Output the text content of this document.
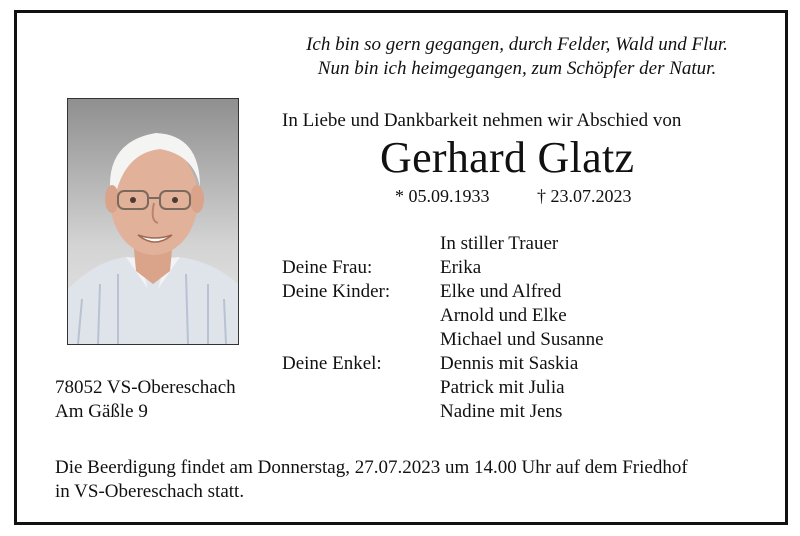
Ich bin so gern gegangen, durch Felder, Wald und Flur.
Nun bin ich heimgegangen, zum Schöpfer der Natur.
In Liebe und Dankbarkeit nehmen wir Abschied von
Gerhard Glatz
* 05.09.1933	† 23.07.2023
In stiller Trauer
Deine Frau:	Erika
Deine Kinder:	Elke und Alfred
Arnold und Elke
Michael und Susanne
Deine Enkel:	Dennis mit Saskia
Patrick mit Julia
Nadine mit Jens
78052 VS-Obereschach
Am Gäßle 9
Die Beerdigung findet am Donnerstag, 27.07.2023 um 14.00 Uhr auf dem Friedhof
in VS-Obereschach statt.
